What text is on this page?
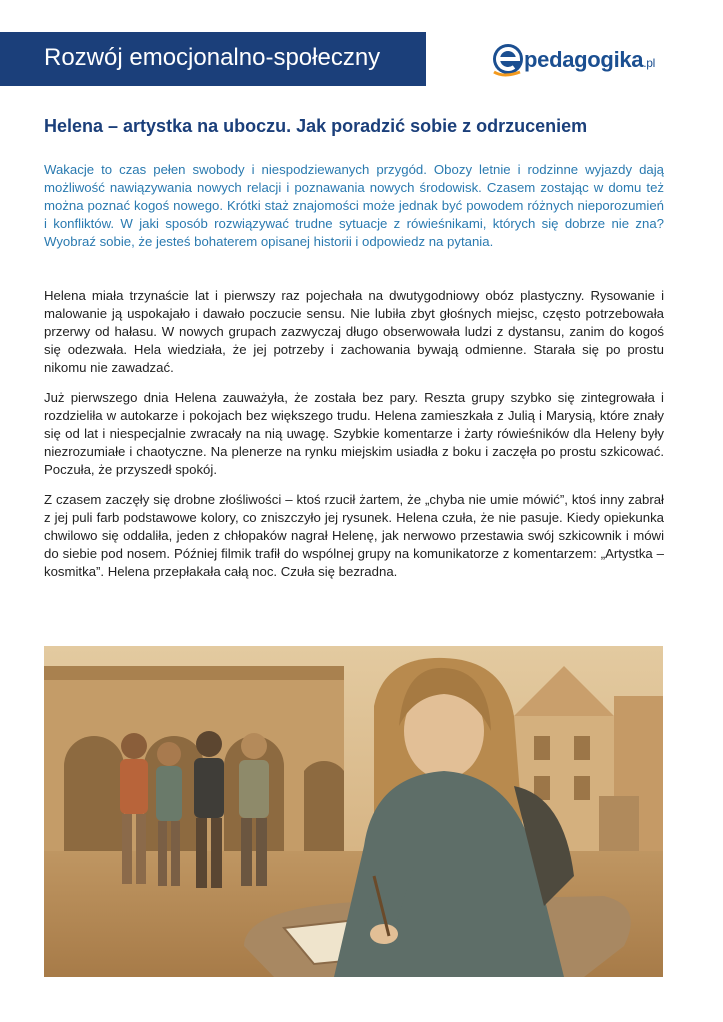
Rozwój emocjonalno-społeczny	pedagogika.pl
Helena – artystka na uboczu. Jak poradzić sobie z odrzuceniem
Wakacje to czas pełen swobody i niespodziewanych przygód. Obozy letnie i rodzinne wyjazdy dają możliwość nawiązywania nowych relacji i poznawania nowych środowisk. Czasem zostając w domu też można poznać kogoś nowego. Krótki staż znajomości może jednak być powodem różnych nieporozumień i konfliktów. W jaki sposób rozwiązywać trudne sytuacje z rówieśnikami, których się dobrze nie zna? Wyobraź sobie, że jesteś bohaterem opisanej historii i odpowiedz na pytania.

Helena miała trzynaście lat i pierwszy raz pojechała na dwutygodniowy obóz plastyczny. Rysowanie i malowanie ją uspokajało i dawało poczucie sensu. Nie lubiła zbyt głośnych miejsc, często potrzebowała przerwy od hałasu. W nowych grupach zazwyczaj długo obserwowała ludzi z dystansu, zanim do kogoś się odezwała. Hela wiedziała, że jej potrzeby i zachowania bywają odmienne. Starała się po prostu nikomu nie zawadzać.

Już pierwszego dnia Helena zauważyła, że została bez pary. Reszta grupy szybko się zintegrowała i rozdzieliła w autokarze i pokojach bez większego trudu. Helena zamieszkała z Julią i Marysią, które znały się od lat i niespecjalnie zwracały na nią uwagę. Szybkie komentarze i żarty rówieśników dla Heleny były niezrozumiałe i chaotyczne. Na plenerze na rynku miejskim usiadła z boku i zaczęła po prostu szkicować. Poczuła, że przyszedł spokój.

Z czasem zaczęły się drobne złośliwości – ktoś rzucił żartem, że „chyba nie umie mówić”, ktoś inny zabrał z jej puli farb podstawowe kolory, co zniszczyło jej rysunek. Helena czuła, że nie pasuje. Kiedy opiekunka chwilowo się oddaliła, jeden z chłopaków nagrał Helenę, jak nerwowo przestawia swój szkicownik i mówi do siebie pod nosem. Później filmik trafił do wspólnej grupy na komunikatorze z komentarzem: „Artystka – kosmitka”. Helena przepłakała całą noc. Czuła się bezradna.
